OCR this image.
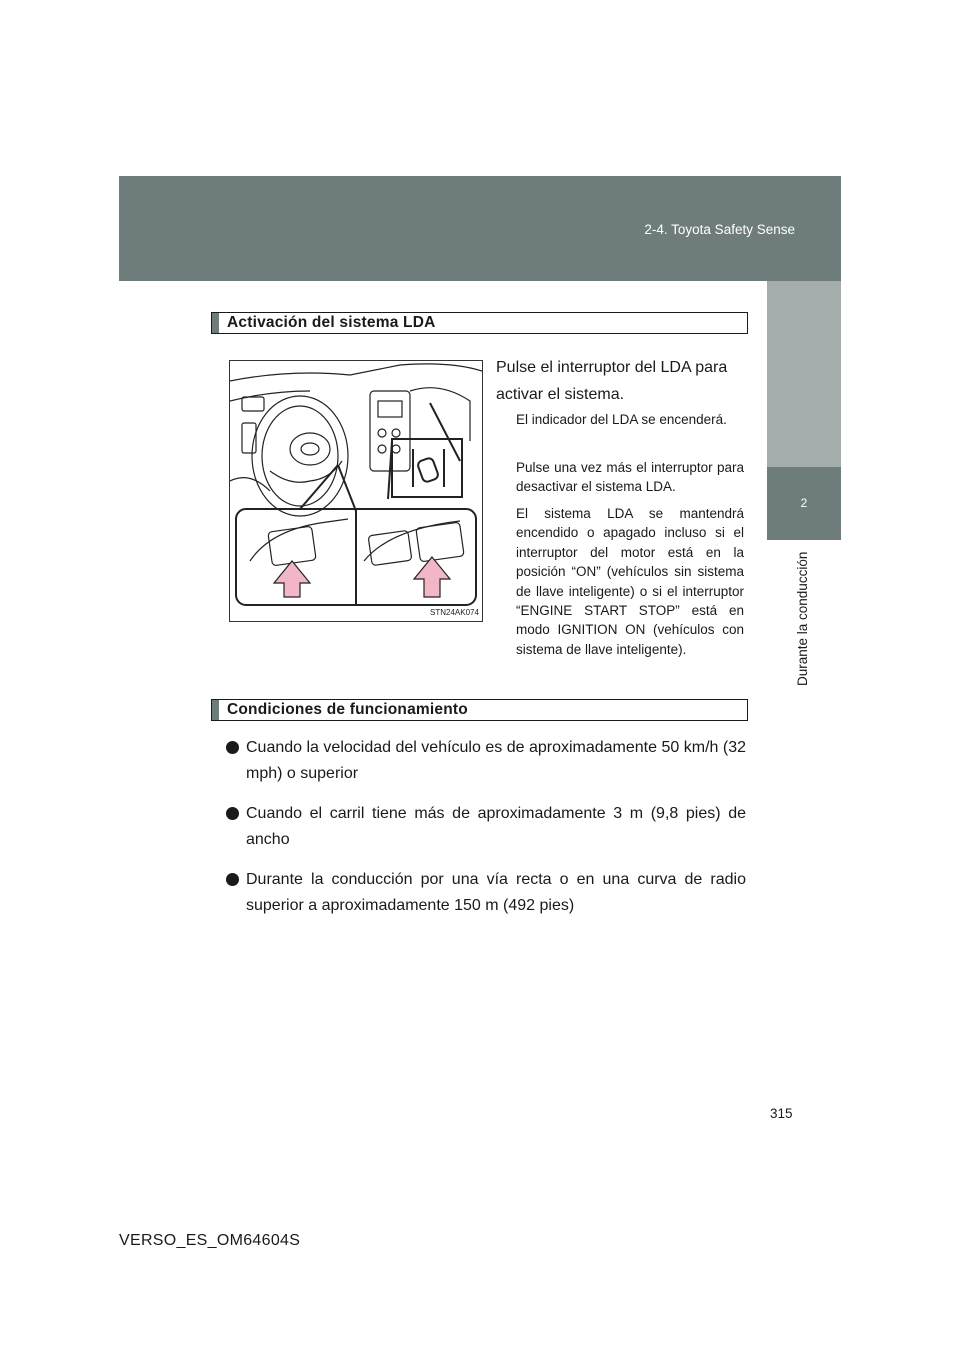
2-4. Toyota Safety Sense
2
Durante la conducción
Activación del sistema LDA
STN24AK074
Pulse el interruptor del LDA para activar el sistema.
El indicador del LDA se encenderá.
Pulse una vez más el interruptor para desactivar el sistema LDA.
El sistema LDA se mantendrá encendido o apagado incluso si el interruptor del motor está en la posición “ON” (vehículos sin sistema de llave inteligente) o si el interruptor “ENGINE START STOP” está en modo IGNITION ON (vehículos con sistema de llave inteligente).
Condiciones de funcionamiento
Cuando la velocidad del vehículo es de aproximadamente 50 km/h (32 mph) o superior
Cuando el carril tiene más de aproximadamente 3 m (9,8 pies) de ancho
Durante la conducción por una vía recta o en una curva de radio superior a aproximadamente 150 m (492 pies)
315
VERSO_ES_OM64604S
